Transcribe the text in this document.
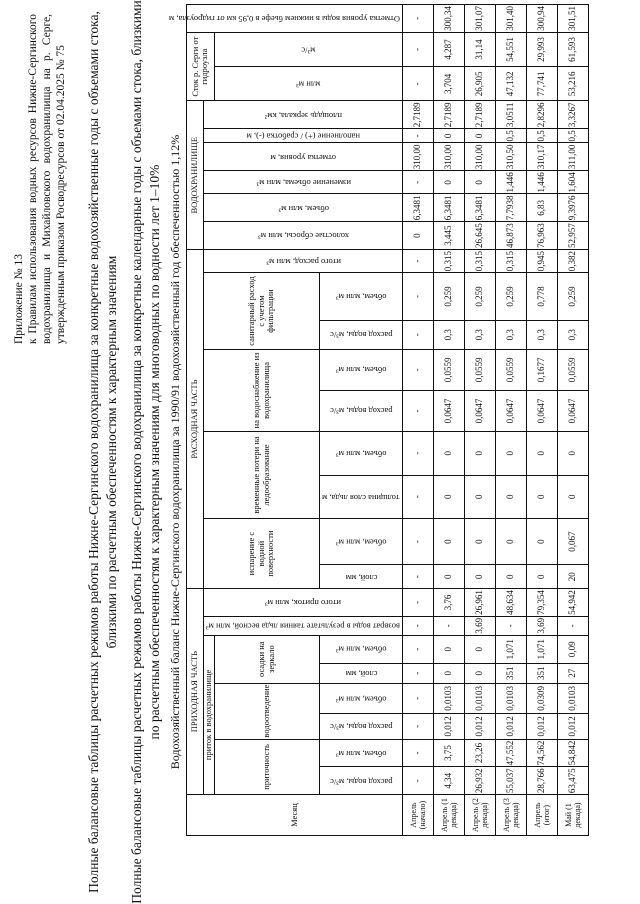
Приложение № 13 к Правилам использования водных ресурсов Нижне-Сергинского водохранилища и Михайловского водохранилища на р. Серге, утвержденным приказом Росводресурсов от 02.04.2025 № 75 Полные балансовые таблицы расчетных режимов работы Нижне-Сергинского водохранилища за конкретные водохозяйственные годы с объемами стока, близкими по расчетным обеспеченностям к характерным значениям Полные балансовые таблицы расчетных режимов работы Нижне-Сергинского водохранилища за конкретные календарные годы с объемами стока, близкими по расчетным обеспеченностям к характерным значениям для многоводных по водности лет 1–10% Водохозяйственный баланс Нижне-Сергинского водохранилища за 1990/91 водохозяйственный год обеспеченностью 1,12%
Месяц	ПРИХОДНАЯ ЧАСТЬ								РАСХОДНАЯ ЧАСТЬ									ВОДОХРАНИЛИЩЕ						Сток р. Серги от гидроузла		Отметка уровня воды в нижнем бьефе в 0,95 км от гидроузла, м
	приток в водохранилище						возврат воды в результате таяния льда весной, млн м³	итого приток, млн м³	испарение с водной поверхности		временные потери на ледообразование		на водоснабжение из водохранилища		санитарный расход с учетом фильтрации		итого расход, млн м³	холостые сбросы, млн м³	объем, млн м³	изменение объема, млн м³	отметка уровня, м	наполнение (+) / сработка (-), м	площадь зеркала, км²			
	приточность		водоотведение		осадки на зеркало																			млн м³	м³/с	
	расход воды, м³/с	объем, млн м³	расход воды, м³/с	объем, млн м³	слой, мм	объем, млн м³			слой, мм	объем, млн м³	толщина слоя льда, м	объем, млн м³	расход воды, м³/с	объем, млн м³	расход воды, м³/с	объем, млн м³										
Апрель (начало)	-	-	-	-	-	-	-	-	-	-	-	-	-	-	-	-	-	0	6,3481	-	310,00	-	2,7189	-	-	-
Апрель (1 декада)	4,34	3,75	0,012	0,0103	0	0	-	3,76	0	0	0	0	0,0647	0,0559	0,3	0,259	0,315	3,445	6,3481	0	310,00	0	2,7189	3,704	4,287	300,34
Апрель (2 декада)	26,932	23,26	0,012	0,0103	0	0	3,69	26,961	0	0	0	0	0,0647	0,0559	0,3	0,259	0,315	26,645	6,3481	0	310,00	0	2,7189	26,905	31,14	301,07
Апрель (3 декада)	55,037	47,552	0,012	0,0103	351	1,071	-	48,634	0	0	0	0	0,0647	0,0559	0,3	0,259	0,315	46,873	7,7938	1,446	310,50	0,5	3,0511	47,132	54,551	301,40
Апрель (итог)	28,766	74,562	0,012	0,0309	351	1,071	3,69	79,354	0	0	0	0	0,0647	0,1677	0,3	0,778	0,945	76,963	6,83	1,446	310,17	0,5	2,8296	77,741	29,993	300,94
Май (1 декада)	63,475	54,842	0,012	0,0103	27	0,09	-	54,942	20	0,067	0	0	0,0647	0,0559	0,3	0,259	0,382	52,957	9,3976	1,604	311,00	0,5	3,3267	53,216	61,593	301,51
